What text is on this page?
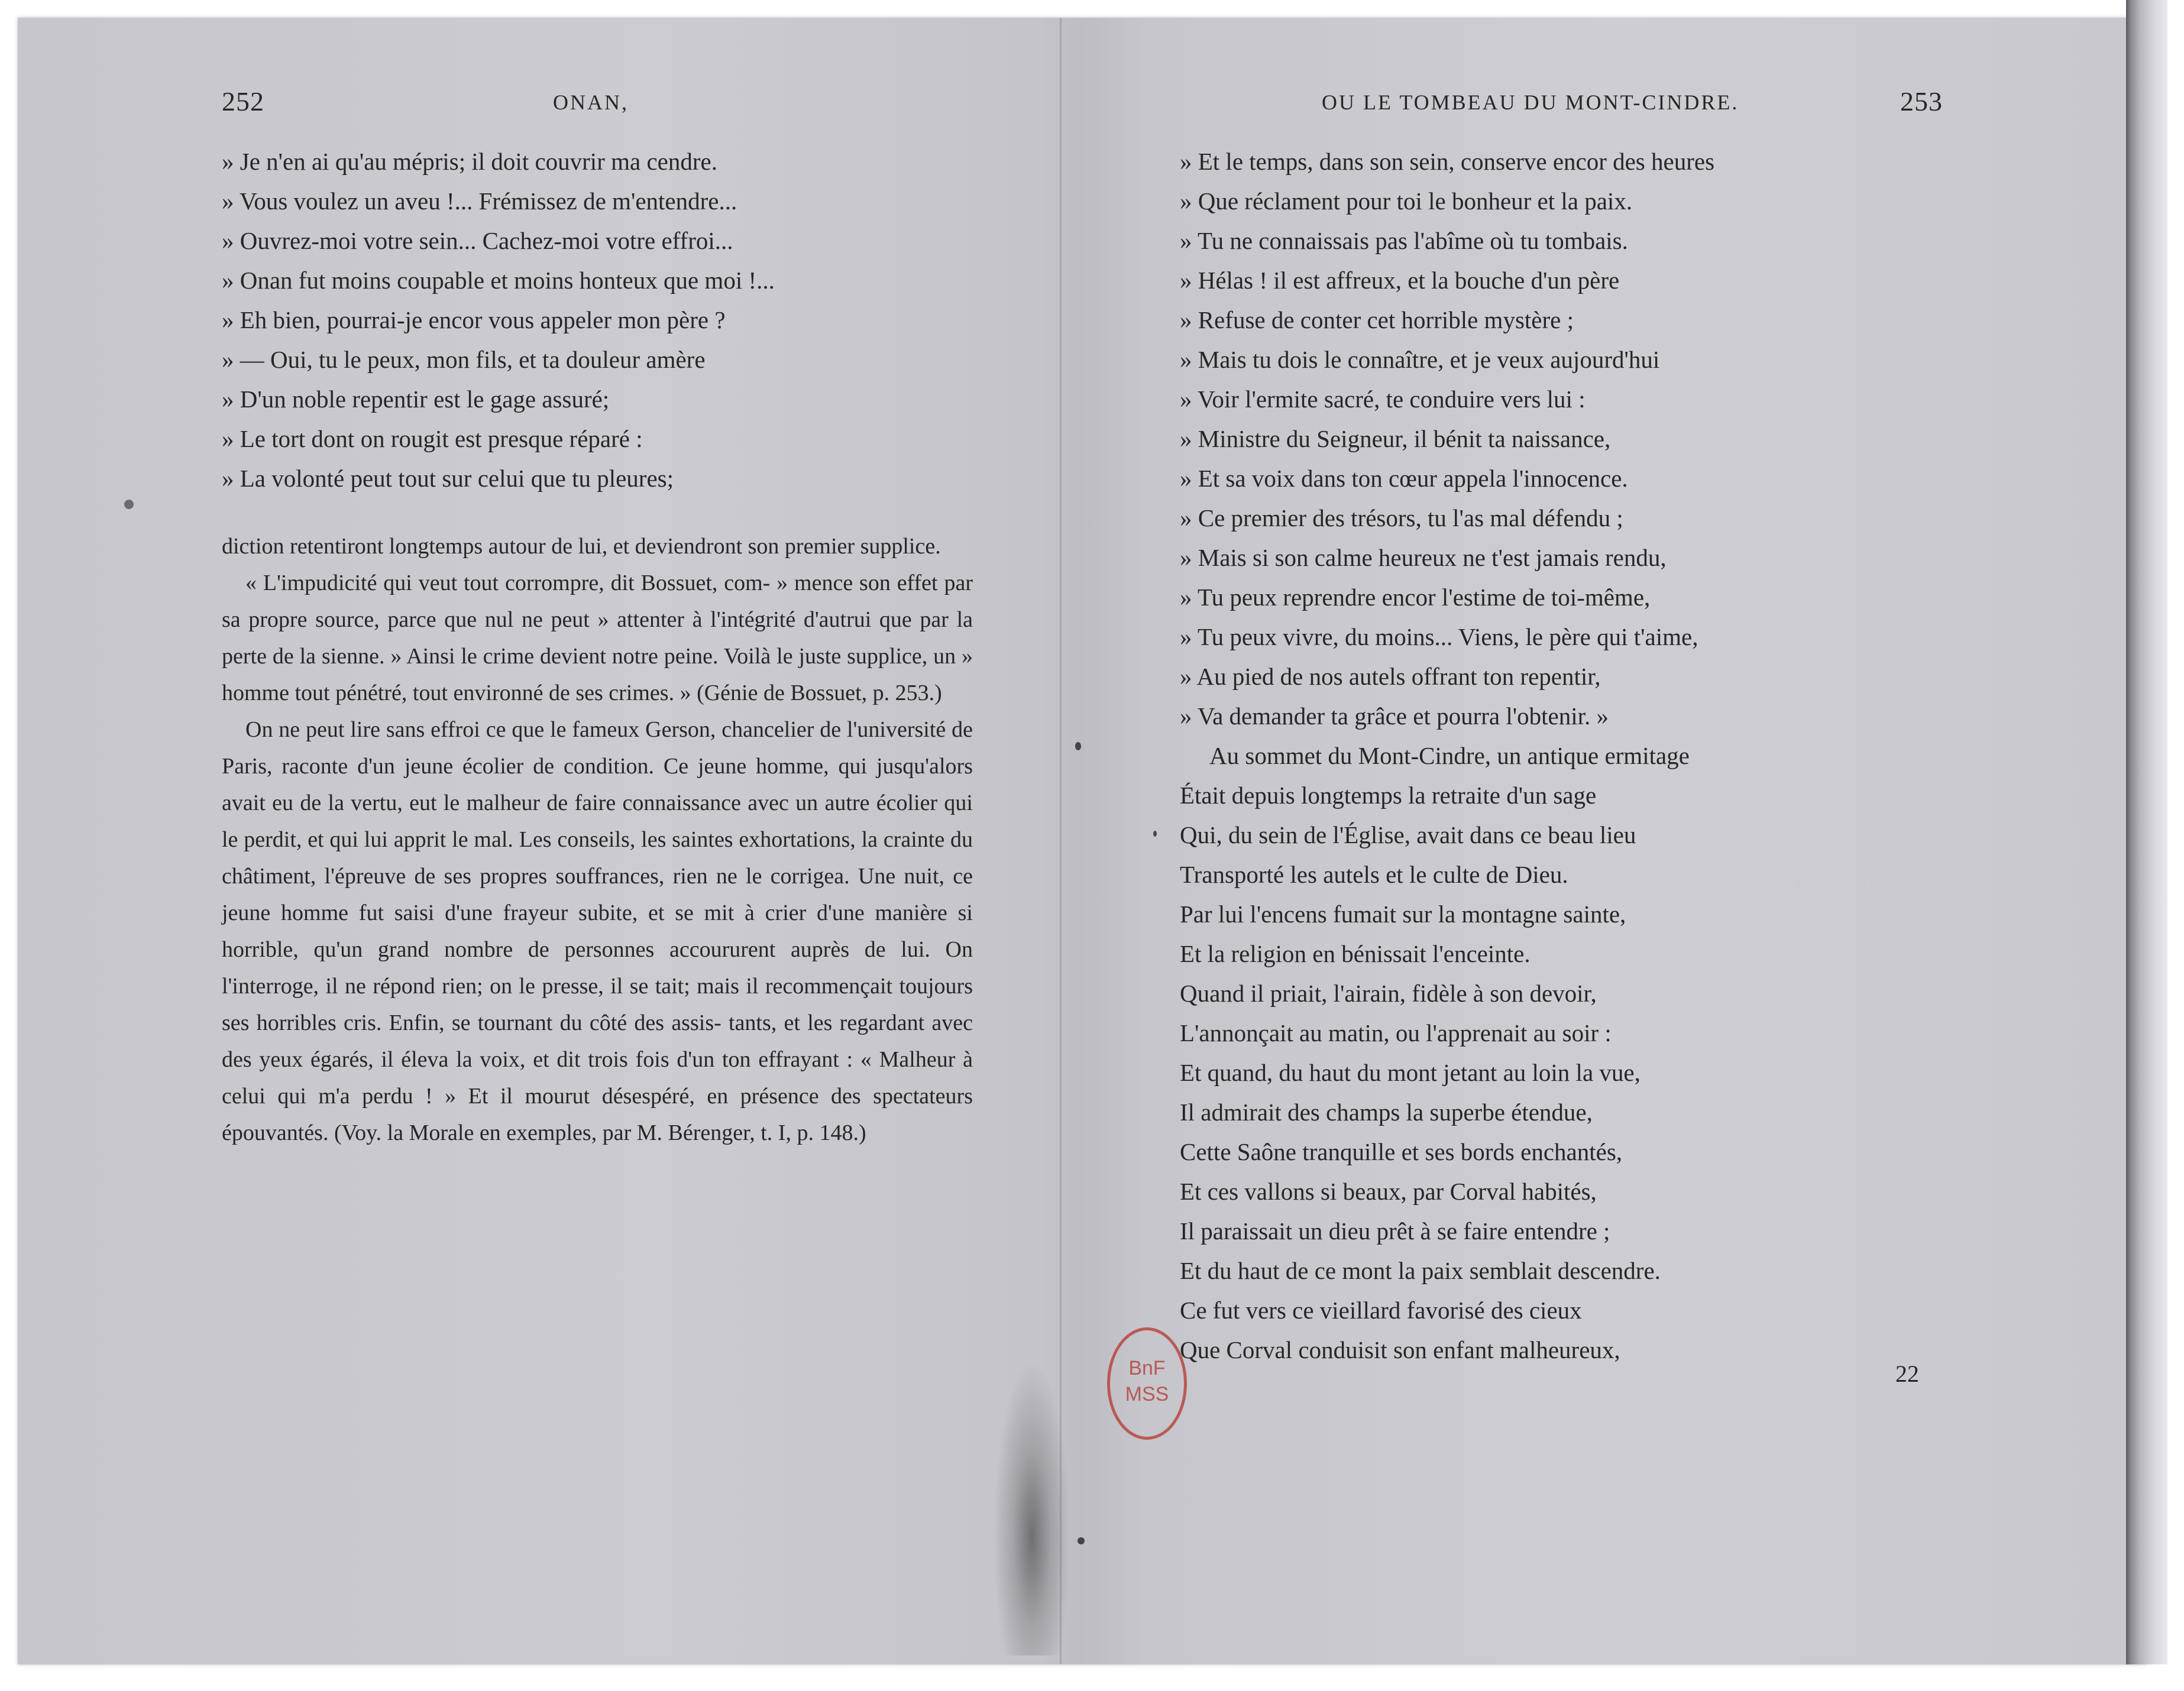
252	ONAN,
» Je n'en ai qu'au mépris; il doit couvrir ma cendre.
» Vous voulez un aveu !... Frémissez de m'entendre...
» Ouvrez-moi votre sein... Cachez-moi votre effroi...
» Onan fut moins coupable et moins honteux que moi !...
» Eh bien, pourrai-je encor vous appeler mon père ?
» — Oui, tu le peux, mon fils, et ta douleur amère
» D'un noble repentir est le gage assuré;
» Le tort dont on rougit est presque réparé :
» La volonté peut tout sur celui que tu pleures;

diction retentiront longtemps autour de lui, et deviendront son premier supplice.

« L'impudicité qui veut tout corrompre, dit Bossuet, com- » mence son effet par sa propre source, parce que nul ne peut » attenter à l'intégrité d'autrui que par la perte de la sienne. » Ainsi le crime devient notre peine. Voilà le juste supplice, un » homme tout pénétré, tout environné de ses crimes. » (Génie de Bossuet, p. 253.)

On ne peut lire sans effroi ce que le fameux Gerson, chancelier de l'université de Paris, raconte d'un jeune écolier de condition. Ce jeune homme, qui jusqu'alors avait eu de la vertu, eut le malheur de faire connaissance avec un autre écolier qui le perdit, et qui lui apprit le mal. Les conseils, les saintes exhortations, la crainte du châtiment, l'épreuve de ses propres souffrances, rien ne le corrigea. Une nuit, ce jeune homme fut saisi d'une frayeur subite, et se mit à crier d'une manière si horrible, qu'un grand nombre de personnes accoururent auprès de lui. On l'interroge, il ne répond rien; on le presse, il se tait; mais il recommençait toujours ses horribles cris. Enfin, se tournant du côté des assis- tants, et les regardant avec des yeux égarés, il éleva la voix, et dit trois fois d'un ton effrayant : « Malheur à celui qui m'a perdu ! » Et il mourut désespéré, en présence des spectateurs épouvantés. (Voy. la Morale en exemples, par M. Bérenger, t. I, p. 148.)

OU LE TOMBEAU DU MONT-CINDRE.	253
» Et le temps, dans son sein, conserve encor des heures
» Que réclament pour toi le bonheur et la paix.
» Tu ne connaissais pas l'abîme où tu tombais.
» Hélas ! il est affreux, et la bouche d'un père
» Refuse de conter cet horrible mystère ;
» Mais tu dois le connaître, et je veux aujourd'hui
» Voir l'ermite sacré, te conduire vers lui :
» Ministre du Seigneur, il bénit ta naissance,
» Et sa voix dans ton cœur appela l'innocence.
» Ce premier des trésors, tu l'as mal défendu ;
» Mais si son calme heureux ne t'est jamais rendu,
» Tu peux reprendre encor l'estime de toi-même,
» Tu peux vivre, du moins... Viens, le père qui t'aime,
» Au pied de nos autels offrant ton repentir,
» Va demander ta grâce et pourra l'obtenir. »
Au sommet du Mont-Cindre, un antique ermitage
Était depuis longtemps la retraite d'un sage
Qui, du sein de l'Église, avait dans ce beau lieu
Transporté les autels et le culte de Dieu.
Par lui l'encens fumait sur la montagne sainte,
Et la religion en bénissait l'enceinte.
Quand il priait, l'airain, fidèle à son devoir,
L'annonçait au matin, ou l'apprenait au soir :
Et quand, du haut du mont jetant au loin la vue,
Il admirait des champs la superbe étendue,
Cette Saône tranquille et ses bords enchantés,
Et ces vallons si beaux, par Corval habités,
Il paraissait un dieu prêt à se faire entendre ;
Et du haut de ce mont la paix semblait descendre.
Ce fut vers ce vieillard favorisé des cieux
Que Corval conduisit son enfant malheureux,
22
BnF
MSS
